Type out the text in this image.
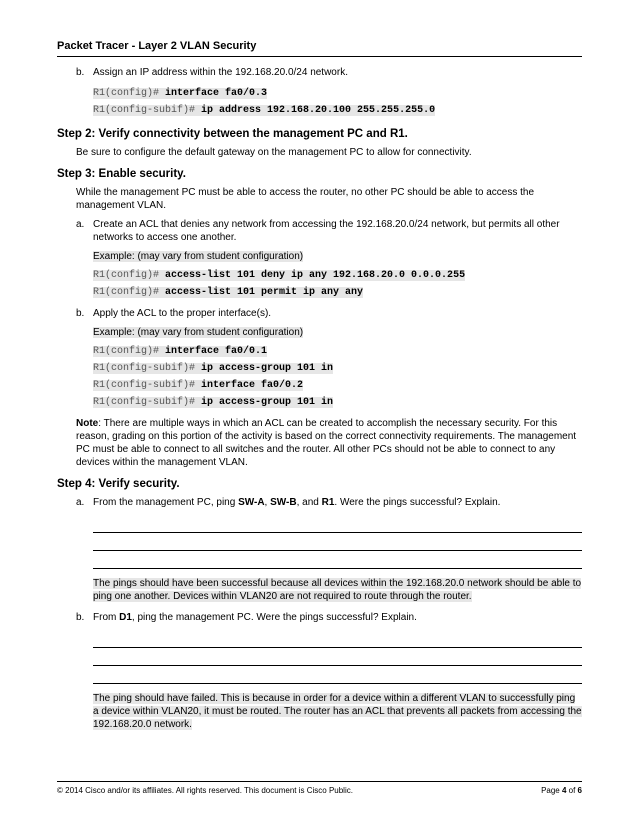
Packet Tracer - Layer 2 VLAN Security
b. Assign an IP address within the 192.168.20.0/24 network.
R1(config)# interface fa0/0.3
R1(config-subif)# ip address 192.168.20.100 255.255.255.0
Step 2: Verify connectivity between the management PC and R1.
Be sure to configure the default gateway on the management PC to allow for connectivity.
Step 3: Enable security.
While the management PC must be able to access the router, no other PC should be able to access the management VLAN.
a. Create an ACL that denies any network from accessing the 192.168.20.0/24 network, but permits all other networks to access one another.
Example: (may vary from student configuration)
R1(config)# access-list 101 deny ip any 192.168.20.0 0.0.0.255
R1(config)# access-list 101 permit ip any any
b. Apply the ACL to the proper interface(s).
Example: (may vary from student configuration)
R1(config)# interface fa0/0.1
R1(config-subif)# ip access-group 101 in
R1(config-subif)# interface fa0/0.2
R1(config-subif)# ip access-group 101 in
Note: There are multiple ways in which an ACL can be created to accomplish the necessary security. For this reason, grading on this portion of the activity is based on the correct connectivity requirements. The management PC must be able to connect to all switches and the router. All other PCs should not be able to connect to any devices within the management VLAN.
Step 4: Verify security.
a. From the management PC, ping SW-A, SW-B, and R1. Were the pings successful? Explain.
The pings should have been successful because all devices within the 192.168.20.0 network should be able to ping one another. Devices within VLAN20 are not required to route through the router.
b. From D1, ping the management PC. Were the pings successful? Explain.
The ping should have failed. This is because in order for a device within a different VLAN to successfully ping a device within VLAN20, it must be routed. The router has an ACL that prevents all packets from accessing the 192.168.20.0 network.
© 2014 Cisco and/or its affiliates. All rights reserved. This document is Cisco Public.	Page 4 of 6
